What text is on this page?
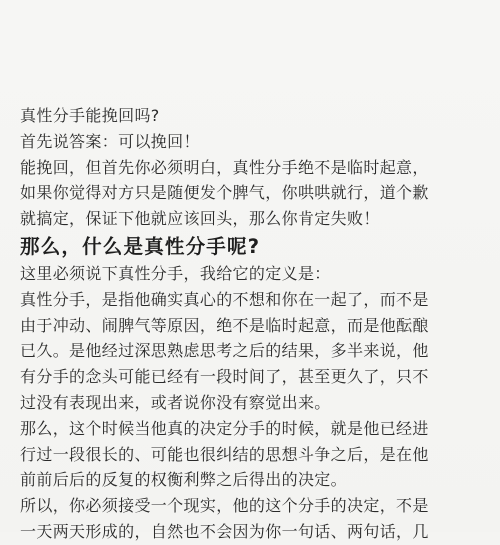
真性分手能挽回吗?
首先说答案：可以挽回！
能挽回，但首先你必须明白，真性分手绝不是临时起意，
如果你觉得对方只是随便发个脾气，你哄哄就行，道个歉
就搞定，保证下他就应该回头，那么你肯定失败！
那么，什么是真性分手呢?
这里必须说下真性分手，我给它的定义是：
真性分手，是指他确实真心的不想和你在一起了，而不是
由于冲动、闹脾气等原因，绝不是临时起意，而是他酝酿
已久。是他经过深思熟虑思考之后的结果，多半来说，他
有分手的念头可能已经有一段时间了，甚至更久了，只不
过没有表现出来，或者说你没有察觉出来。
那么，这个时候当他真的决定分手的时候，就是他已经进
行过一段很长的、可能也很纠结的思想斗争之后，是在他
前前后后的反复的权衡利弊之后得出的决定。
所以，你必须接受一个现实，他的这个分手的决定，不是
一天两天形成的，自然也不会因为你一句话、两句话，几
